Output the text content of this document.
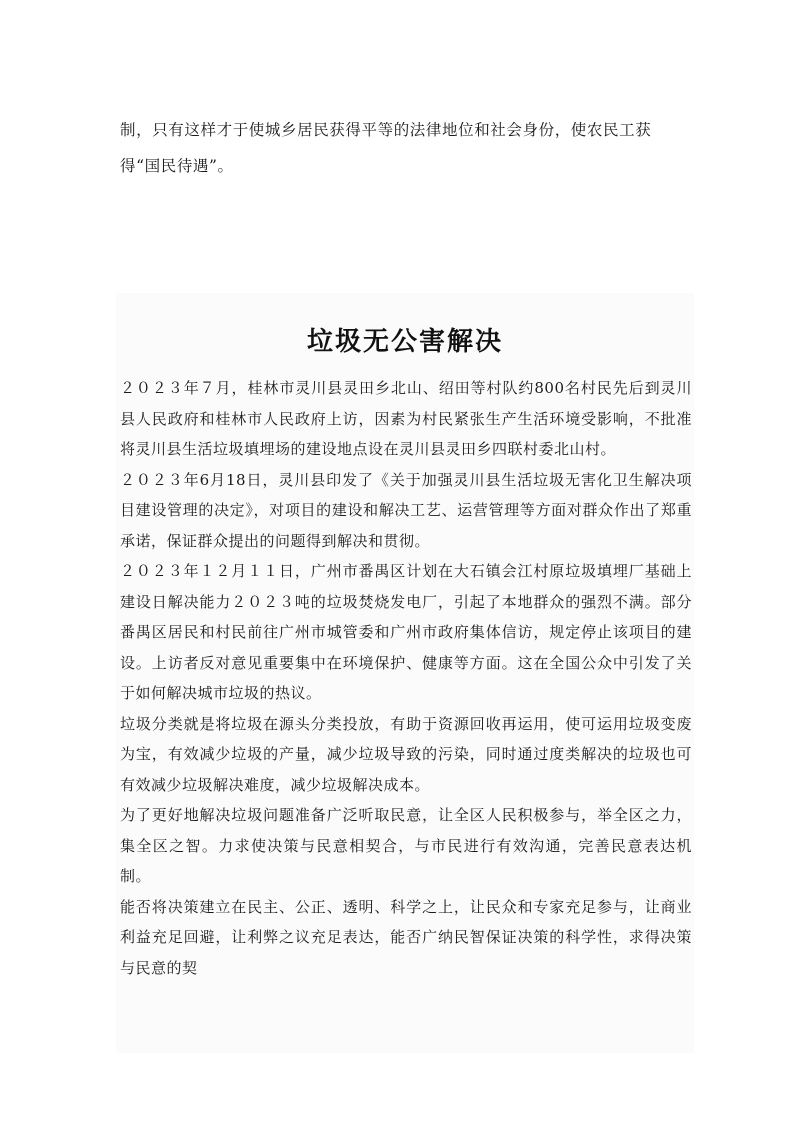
制，只有这样才于使城乡居民获得平等的法律地位和社会身份，使农民工获得“国民待遇”。

垃圾无公害解决

２０２３年７月，桂林市灵川县灵田乡北山、绍田等村队约800名村民先后到灵川县人民政府和桂林市人民政府上访，因素为村民紧张生产生活环境受影响，不批准将灵川县生活垃圾填埋场的建设地点设在灵川县灵田乡四联村委北山村。

２０２３年6月18日，灵川县印发了《关于加强灵川县生活垃圾无害化卫生解决项目建设管理的决定》，对项目的建设和解决工艺、运营管理等方面对群众作出了郑重承诺，保证群众提出的问题得到解决和贯彻。

２０２３年１２月１１日，广州市番禺区计划在大石镇会江村原垃圾填埋厂基础上建设日解决能力２０２３吨的垃圾焚烧发电厂，引起了本地群众的强烈不满。部分番禺区居民和村民前往广州市城管委和广州市政府集体信访，规定停止该项目的建设。上访者反对意见重要集中在环境保护、健康等方面。这在全国公众中引发了关于如何解决城市垃圾的热议。

垃圾分类就是将垃圾在源头分类投放，有助于资源回收再运用，使可运用垃圾变废为宝，有效减少垃圾的产量，减少垃圾导致的污染，同时通过度类解决的垃圾也可有效减少垃圾解决难度，减少垃圾解决成本。

为了更好地解决垃圾问题准备广泛听取民意，让全区人民积极参与，举全区之力，集全区之智。力求使决策与民意相契合，与市民进行有效沟通，完善民意表达机制。

能否将决策建立在民主、公正、透明、科学之上，让民众和专家充足参与，让商业利益充足回避，让利弊之议充足表达，能否广纳民智保证决策的科学性，求得决策与民意的契
